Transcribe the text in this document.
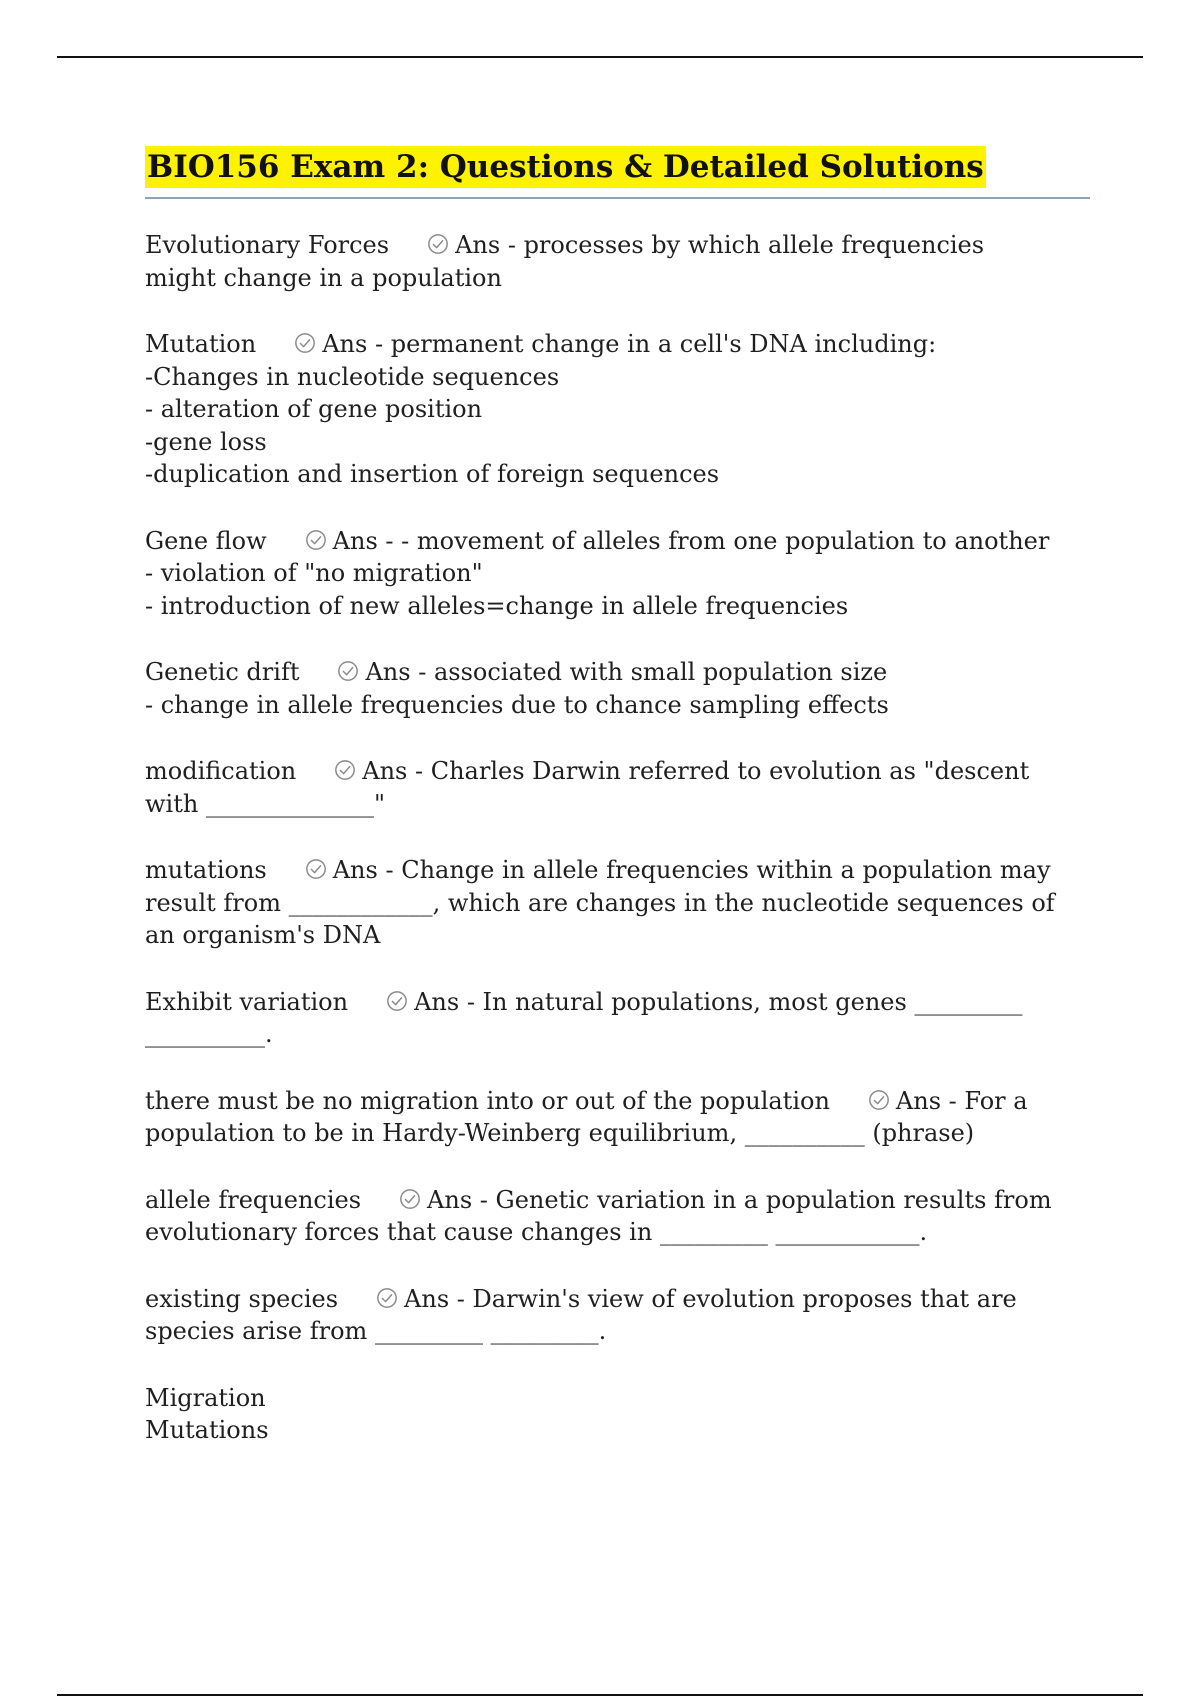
BIO156 Exam 2: Questions & Detailed Solutions
Evolutionary Forces	Ans - processes by which allele frequencies
might change in a population
Mutation	Ans - permanent change in a cell's DNA including:
-Changes in nucleotide sequences
- alteration of gene position
-gene loss
-duplication and insertion of foreign sequences
Gene flow	Ans - - movement of alleles from one population to another
- violation of "no migration"
- introduction of new alleles=change in allele frequencies
Genetic drift	Ans - associated with small population size
- change in allele frequencies due to chance sampling effects
modification	Ans - Charles Darwin referred to evolution as "descent
with ______________"
mutations	Ans - Change in allele frequencies within a population may
result from ____________, which are changes in the nucleotide sequences of
an organism's DNA
Exhibit variation	Ans - In natural populations, most genes _________
__________.
there must be no migration into or out of the population	Ans - For a
population to be in Hardy-Weinberg equilibrium, __________ (phrase)
allele frequencies	Ans - Genetic variation in a population results from
evolutionary forces that cause changes in _________ ____________.
existing species	Ans - Darwin's view of evolution proposes that are
species arise from _________ _________.
Migration
Mutations
